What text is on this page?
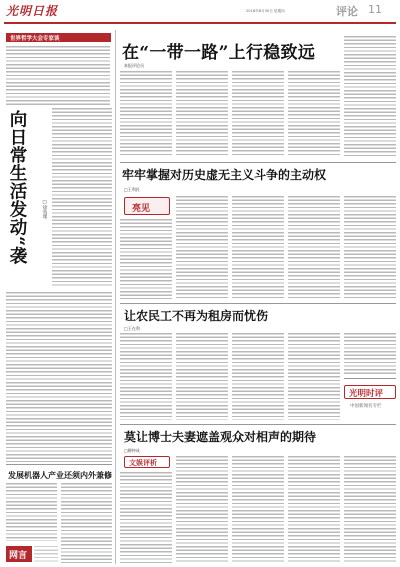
光明日报	2018年8月30日 星期四	评论 11
世界哲学大会专家谈
向日常生活发动“袭
□徐英瑾
发展机器人产业还须内外兼修
网言
在“一带一路”上行稳致远
本报评论员
牢牢掌握对历史虚无主义斗争的主动权
□王利民
亮见
让农民工不再为租房而忧伤
□王在利
光明时评
中国新闻名专栏
莫让博士夫妻遮盖观众对相声的期待
□柳仲成
文娱评析
